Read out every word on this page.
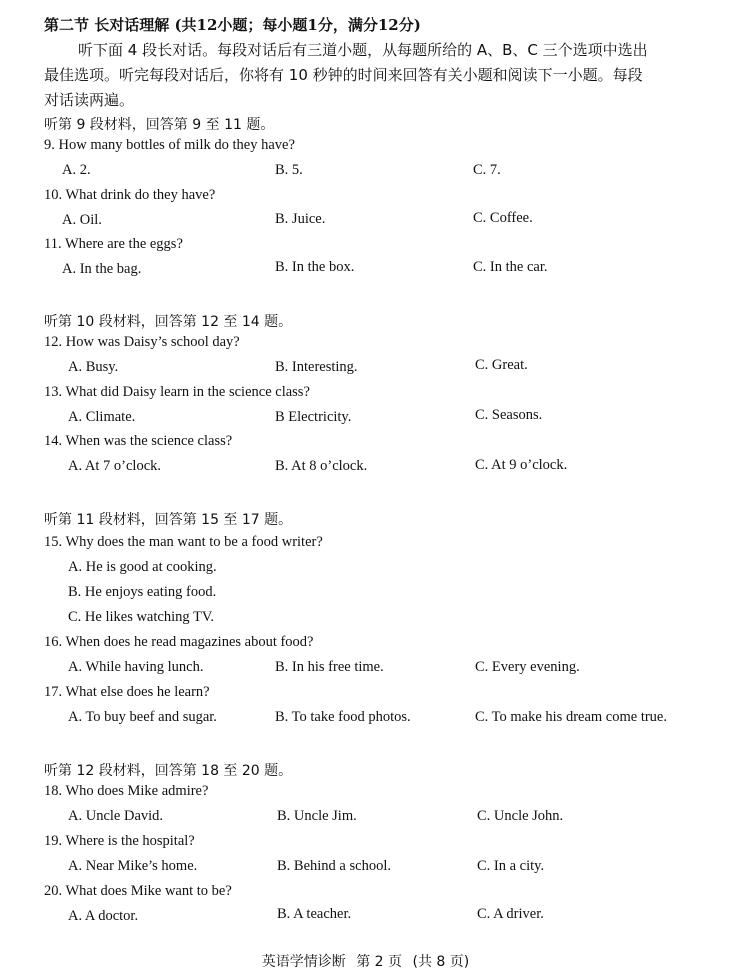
第二节 长对话理解 (共12小题；每小题1分，满分12分)
听下面 4 段长对话。每段对话后有三道小题，从每题所给的 A、B、C 三个选项中选出
最佳选项。听完每段对话后，你将有 10 秒钟的时间来回答有关小题和阅读下一小题。每段
对话读两遍。
听第 9 段材料，回答第 9 至 11 题。
9. How many bottles of milk do they have?
A. 2.	B. 5.	C. 7.
10. What drink do they have?
A. Oil.	B. Juice.	C. Coffee.
11. Where are the eggs?
A. In the bag.	B. In the box.	C. In the car.
听第 10 段材料，回答第 12 至 14 题。
12. How was Daisy’s school day?
A. Busy.	B. Interesting.	C. Great.
13. What did Daisy learn in the science class?
A. Climate.	B Electricity.	C. Seasons.
14. When was the science class?
A. At 7 o’clock.	B. At 8 o’clock.	C. At 9 o’clock.
听第 11 段材料，回答第 15 至 17 题。
15. Why does the man want to be a food writer?
A. He is good at cooking.
B. He enjoys eating food.
C. He likes watching TV.
16. When does he read magazines about food?
A. While having lunch.	B. In his free time.	C. Every evening.
17. What else does he learn?
A. To buy beef and sugar.	B. To take food photos.	C. To make his dream come true.
听第 12 段材料，回答第 18 至 20 题。
18. Who does Mike admire?
A. Uncle David.	B. Uncle Jim.	C. Uncle John.
19. Where is the hospital?
A. Near Mike’s home.	B. Behind a school.	C. In a city.
20. What does Mike want to be?
A. A doctor.	B. A teacher.	C. A driver.
英语学情诊断 第 2 页 (共 8 页)
